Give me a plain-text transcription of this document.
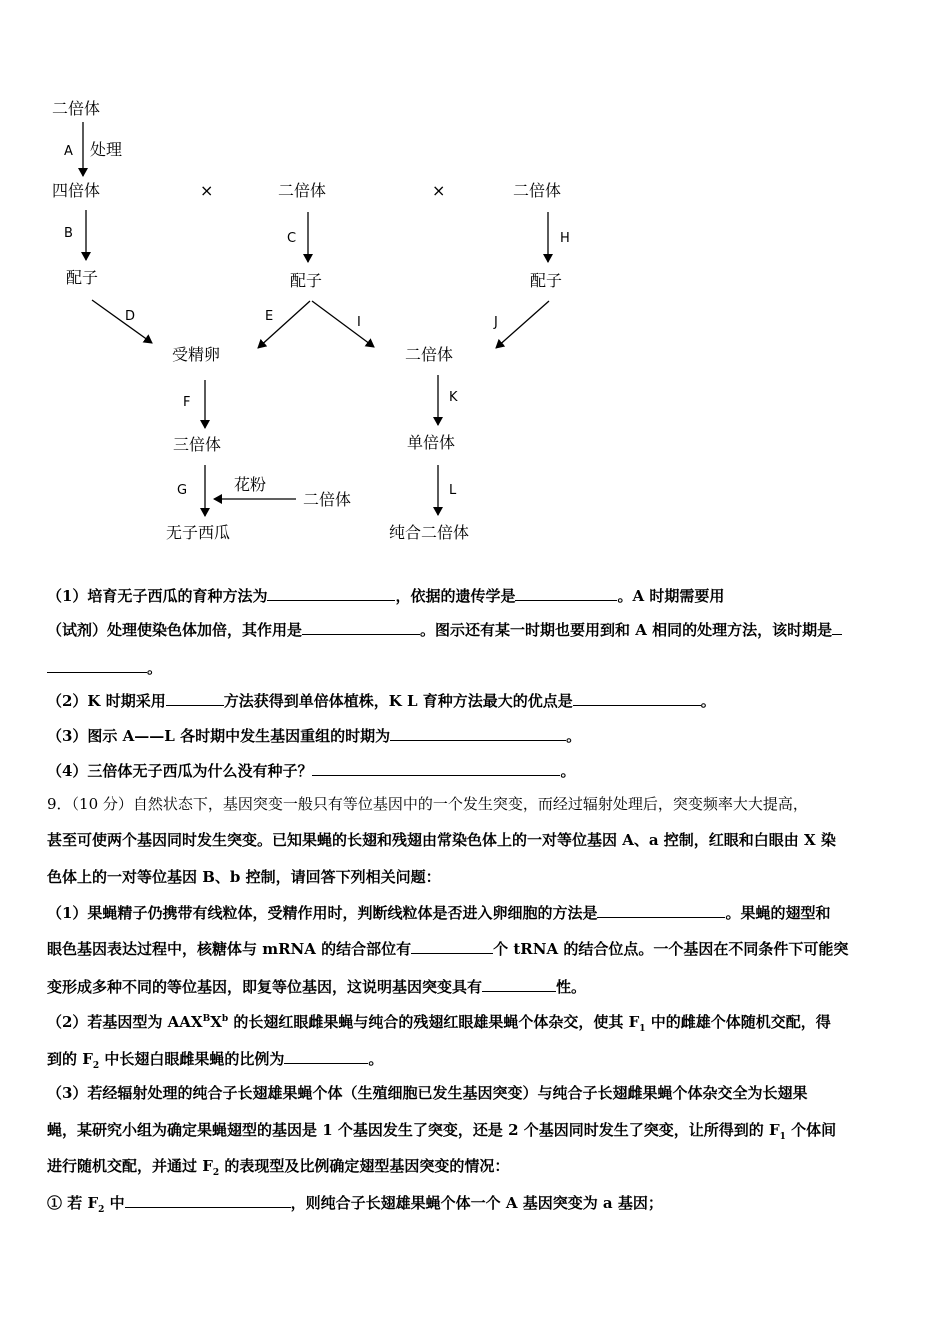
二倍体
四倍体	×	二倍体	×	二倍体
配子	配子	配子
受精卵	二倍体
三倍体	单倍体
花粉
二倍体
无子西瓜	纯合二倍体
处理
A
B	C
D	E
F
G
H
I	J
K
L
（1）培育无子西瓜的育种方法为	，依据的遗传学是	。A 时期需要用
（试剂）处理使染色体加倍，其作用是	。图示还有某一时期也要用到和 A 相同的处理方法，该时期是
。
（2）K 时期采用	方法获得到单倍体植株，K L 育种方法最大的优点是	。
（3）图示 A——L 各时期中发生基因重组的时期为	。
（4）三倍体无子西瓜为什么没有种子？	。
9．（10 分）自然状态下，基因突变一般只有等位基因中的一个发生突变，而经过辐射处理后，突变频率大大提高，
甚至可使两个基因同时发生突变。已知果蝇的长翅和残翅由常染色体上的一对等位基因 A、a 控制，红眼和白眼由 X 染
色体上的一对等位基因 B、b 控制，请回答下列相关问题：
（1）果蝇精子仍携带有线粒体，受精作用时，判断线粒体是否进入卵细胞的方法是	。果蝇的翅型和
眼色基因表达过程中，核糖体与 mRNA 的结合部位有	个 tRNA 的结合位点。一个基因在不同条件下可能突
变形成多种不同的等位基因，即复等位基因，这说明基因突变具有	性。
（2）若基因型为 $AAX^BX^b$ 的长翅红眼雌果蝇与纯合的残翅红眼雄果蝇个体杂交，使其 $F_1$ 中的雌雄个体随机交配，得
到的 $F_2$ 中长翅白眼雌果蝇的比例为	。
（3）若经辐射处理的纯合子长翅雄果蝇个体（生殖细胞已发生基因突变）与纯合子长翅雌果蝇个体杂交全为长翅果
蝇，某研究小组为确定果蝇翅型的基因是 1 个基因发生了突变，还是 2 个基因同时发生了突变，让所得到的 $F_1$ 个体间
进行随机交配，并通过 $F_2$ 的表现型及比例确定翅型基因突变的情况：
① 若 $F_2$ 中	，则纯合子长翅雄果蝇个体一个 A 基因突变为 a 基因；
